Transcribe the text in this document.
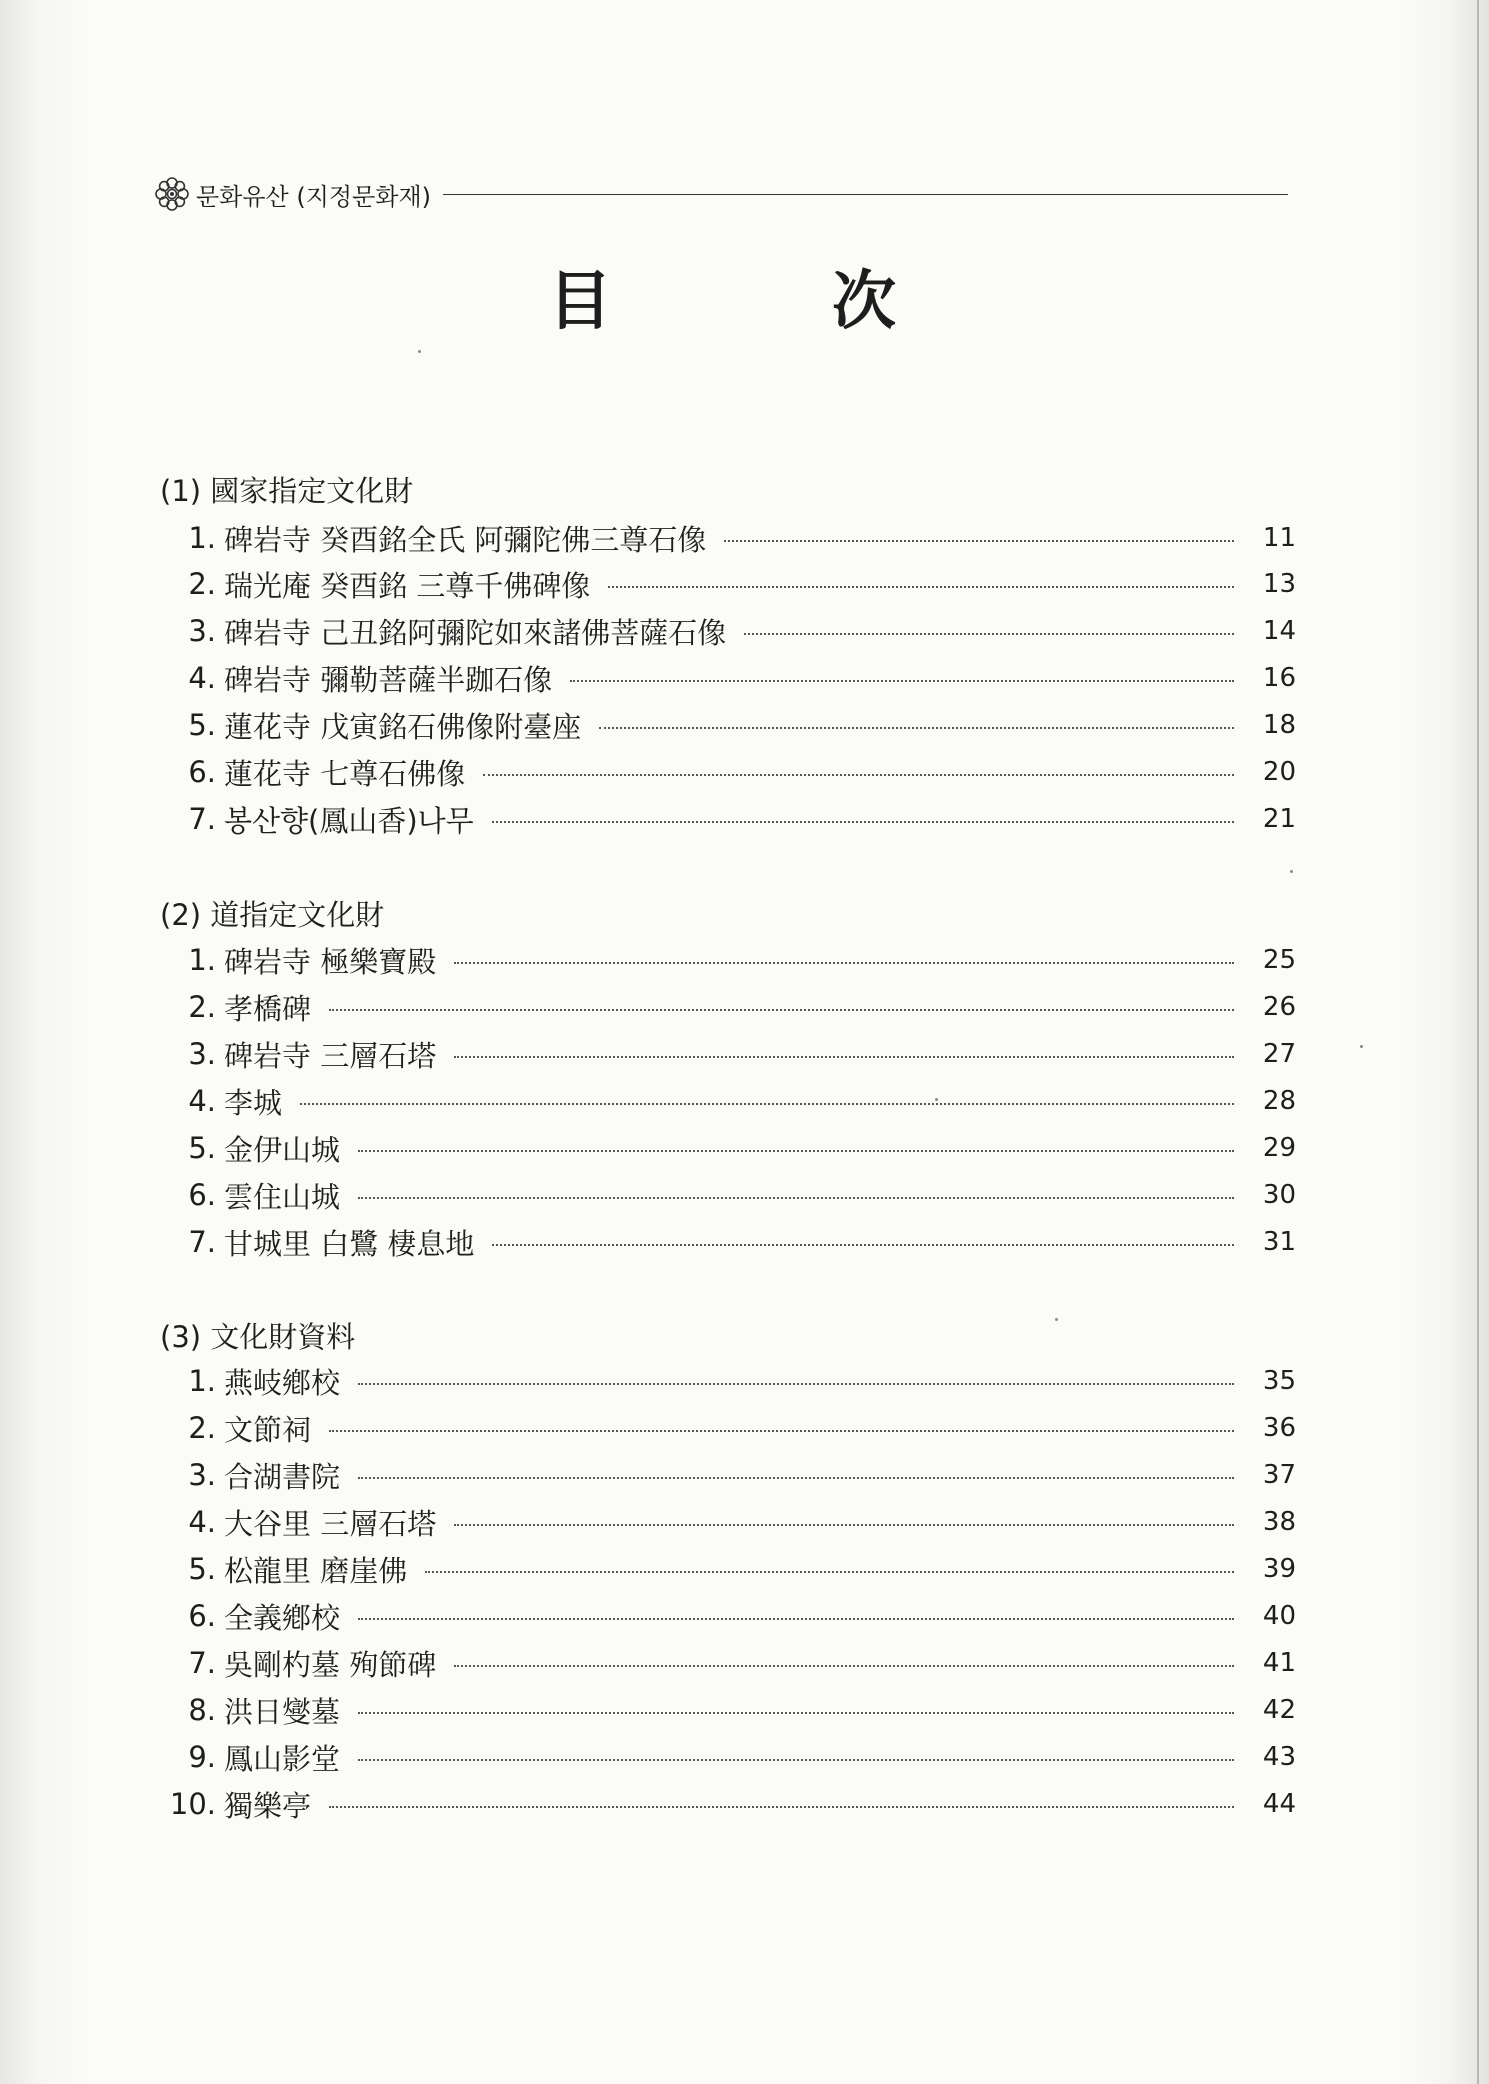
문화유산 (지정문화재)
目	次
(1) 國家指定文化財
1. 碑岩寺 癸酉銘全氏 阿彌陀佛三尊石像	11
2. 瑞光庵 癸酉銘 三尊千佛碑像	13
3. 碑岩寺 己丑銘阿彌陀如來諸佛菩薩石像	14
4. 碑岩寺 彌勒菩薩半跏石像	16
5. 蓮花寺 戊寅銘石佛像附臺座	18
6. 蓮花寺 七尊石佛像	20
7. 봉산향(鳳山香)나무	21
(2) 道指定文化財
1. 碑岩寺 極樂寶殿	25
2. 孝橋碑	26
3. 碑岩寺 三層石塔	27
4. 李城	28
5. 金伊山城	29
6. 雲住山城	30
7. 甘城里 白鷺 棲息地	31
(3) 文化財資料
1. 燕岐鄕校	35
2. 文節祠	36
3. 合湖書院	37
4. 大谷里 三層石塔	38
5. 松龍里 磨崖佛	39
6. 全義鄕校	40
7. 吳剛杓墓 殉節碑	41
8. 洪日燮墓	42
9. 鳳山影堂	43
10. 獨樂亭	44
